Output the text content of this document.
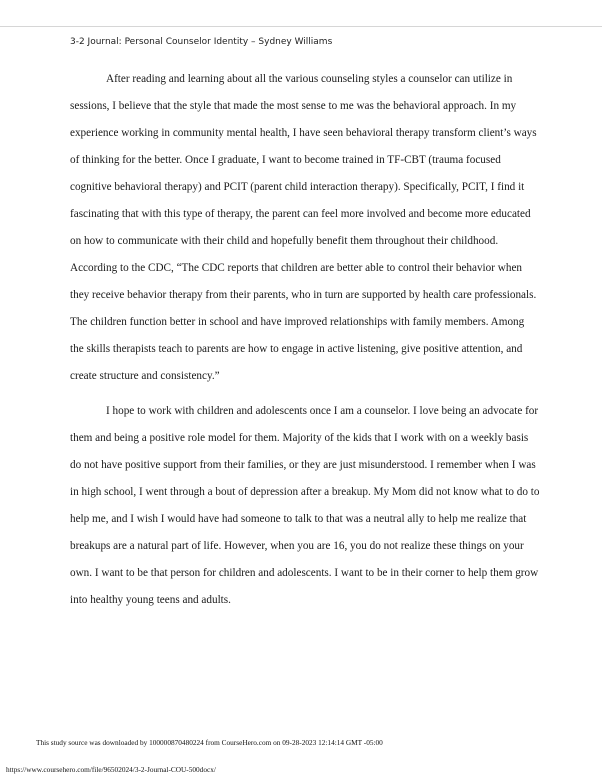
3-2 Journal: Personal Counselor Identity – Sydney Williams

After reading and learning about all the various counseling styles a counselor can utilize in sessions, I believe that the style that made the most sense to me was the behavioral approach. In my experience working in community mental health, I have seen behavioral therapy transform client’s ways of thinking for the better. Once I graduate, I want to become trained in TF-CBT (trauma focused cognitive behavioral therapy) and PCIT (parent child interaction therapy). Specifically, PCIT, I find it fascinating that with this type of therapy, the parent can feel more involved and become more educated on how to communicate with their child and hopefully benefit them throughout their childhood. According to the CDC, “The CDC reports that children are better able to control their behavior when they receive behavior therapy from their parents, who in turn are supported by health care professionals. The children function better in school and have improved relationships with family members. Among the skills therapists teach to parents are how to engage in active listening, give positive attention, and create structure and consistency.”

I hope to work with children and adolescents once I am a counselor. I love being an advocate for them and being a positive role model for them. Majority of the kids that I work with on a weekly basis do not have positive support from their families, or they are just misunderstood. I remember when I was in high school, I went through a bout of depression after a breakup. My Mom did not know what to do to help me, and I wish I would have had someone to talk to that was a neutral ally to help me realize that breakups are a natural part of life. However, when you are 16, you do not realize these things on your own. I want to be that person for children and adolescents. I want to be in their corner to help them grow into healthy young teens and adults.

This study source was downloaded by 100000870480224 from CourseHero.com on 09-28-2023 12:14:14 GMT -05:00
https://www.coursehero.com/file/96502024/3-2-Journal-COU-500docx/
